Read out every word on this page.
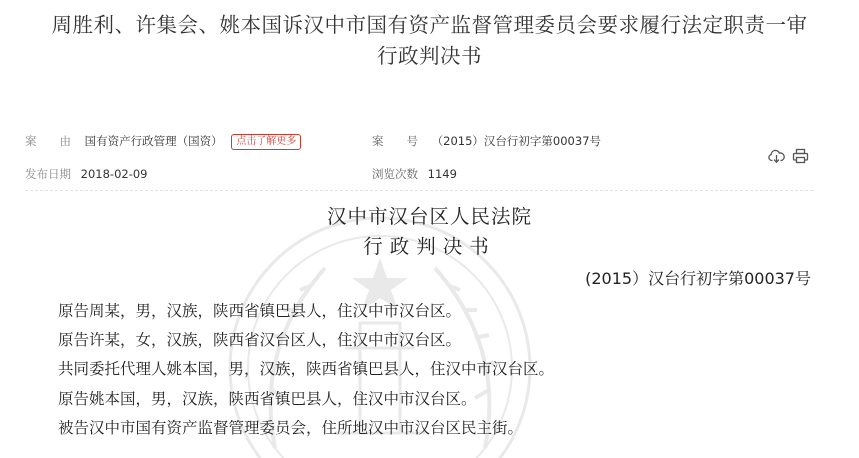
周胜利、许集会、姚本国诉汉中市国有资产监督管理委员会要求履行法定职责一审
行政判决书
案　　由 国有资产行政管理（国资） 点击了解更多	案　　号 （2015）汉台行初字第00037号
发布日期 2018-02-09	浏览次数 1149
汉中市汉台区人民法院
行政判决书
(2015）汉台行初字第00037号
原告周某，男，汉族，陕西省镇巴县人，住汉中市汉台区。
原告许某，女，汉族，陕西省汉台区人，住汉中市汉台区。
共同委托代理人姚本国，男，汉族，陕西省镇巴县人，住汉中市汉台区。
原告姚本国，男，汉族，陕西省镇巴县人，住汉中市汉台区。
被告汉中市国有资产监督管理委员会，住所地汉中市汉台区民主街。
